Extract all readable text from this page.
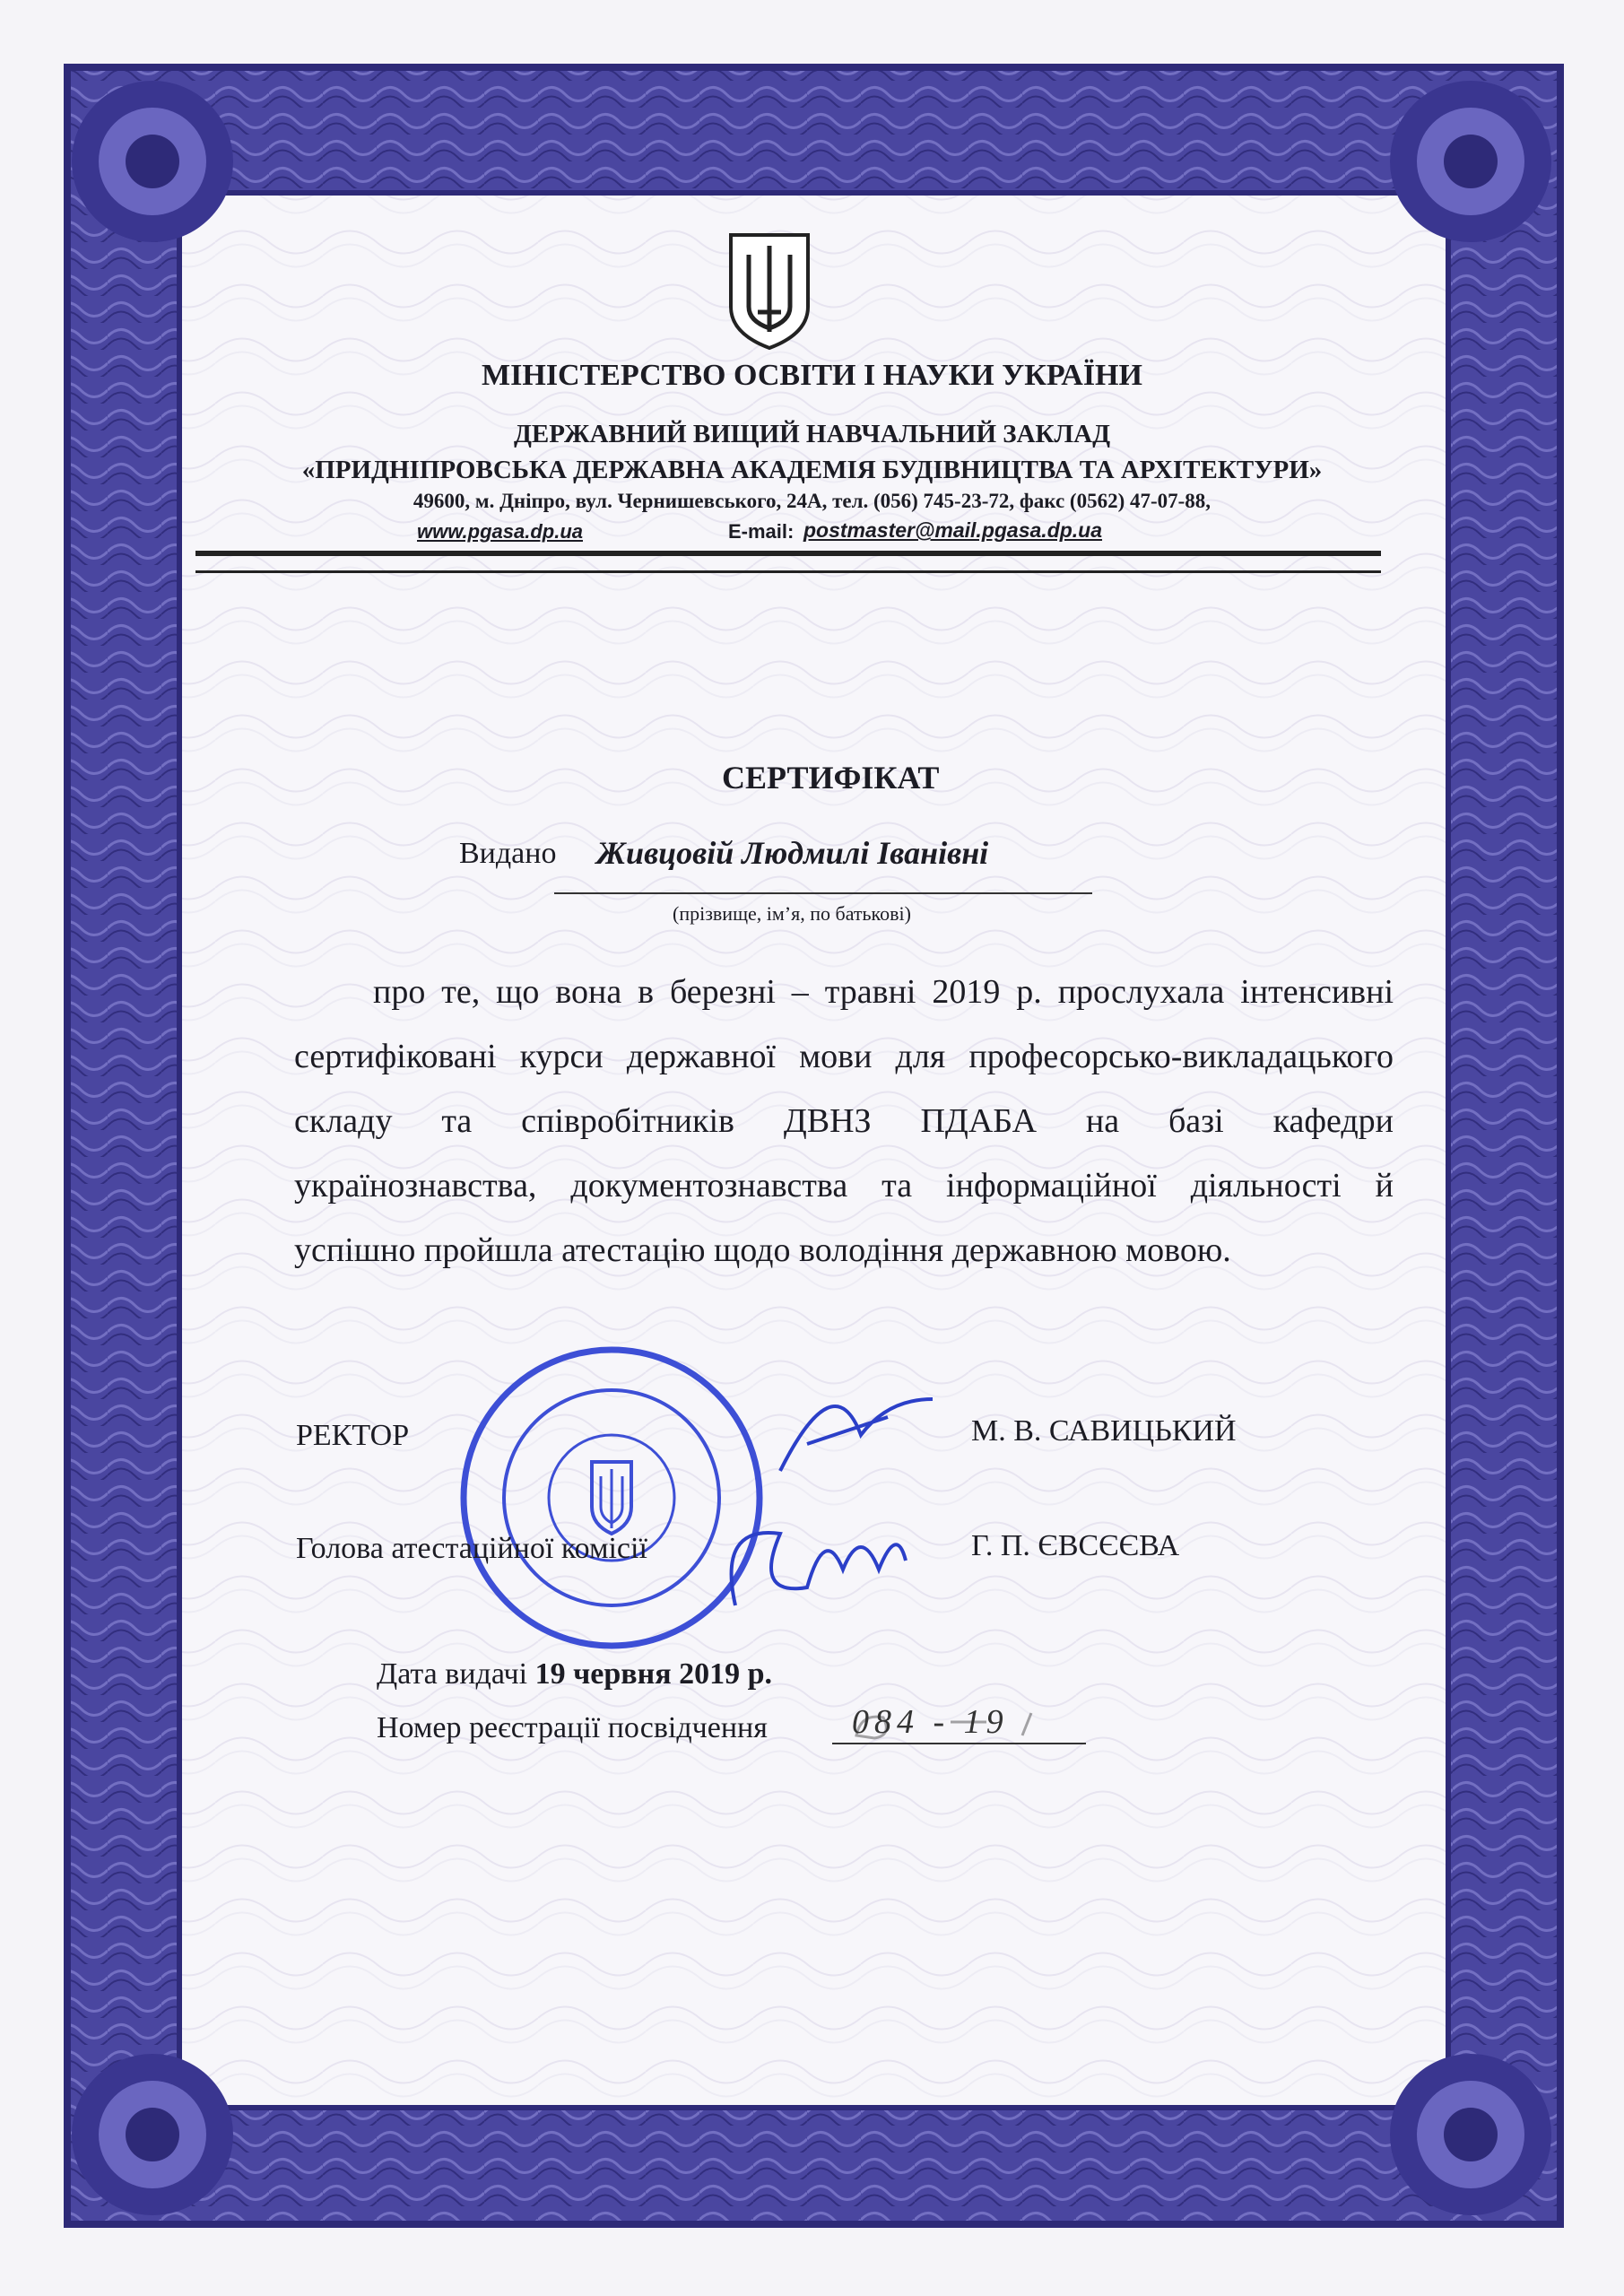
МІНІСТЕРСТВО ОСВІТИ І НАУКИ УКРАЇНИ
ДЕРЖАВНИЙ ВИЩИЙ НАВЧАЛЬНИЙ ЗАКЛАД
«ПРИДНІПРОВСЬКА ДЕРЖАВНА АКАДЕМІЯ БУДІВНИЦТВА ТА АРХІТЕКТУРИ»
49600, м. Дніпро, вул. Чернишевського, 24А, тел. (056) 745-23-72, факс (0562) 47-07-88,
www.pgasa.dp.ua	E-mail: postmaster@mail.pgasa.dp.ua
СЕРТИФІКАТ
Видано Живцовій Людмилі Іванівні
(прізвище, ім’я, по батькові)
про те, що вона в березні – травні 2019 р. прослухала інтенсивні
сертифіковані курси державної мови для професорсько-викладацького
складу та співробітників ДВНЗ ПДАБА на базі кафедри
українознавства, документознавства та інформаційної діяльності й
успішно пройшла атестацію щодо володіння державною мовою.
РЕКТОР	М. В. САВИЦЬКИЙ
Голова атестаційної комісії	Г. П. ЄВСЄЄВА
Дата видачі 19 червня 2019 р.
Номер реєстрації посвідчення 084 - 19
